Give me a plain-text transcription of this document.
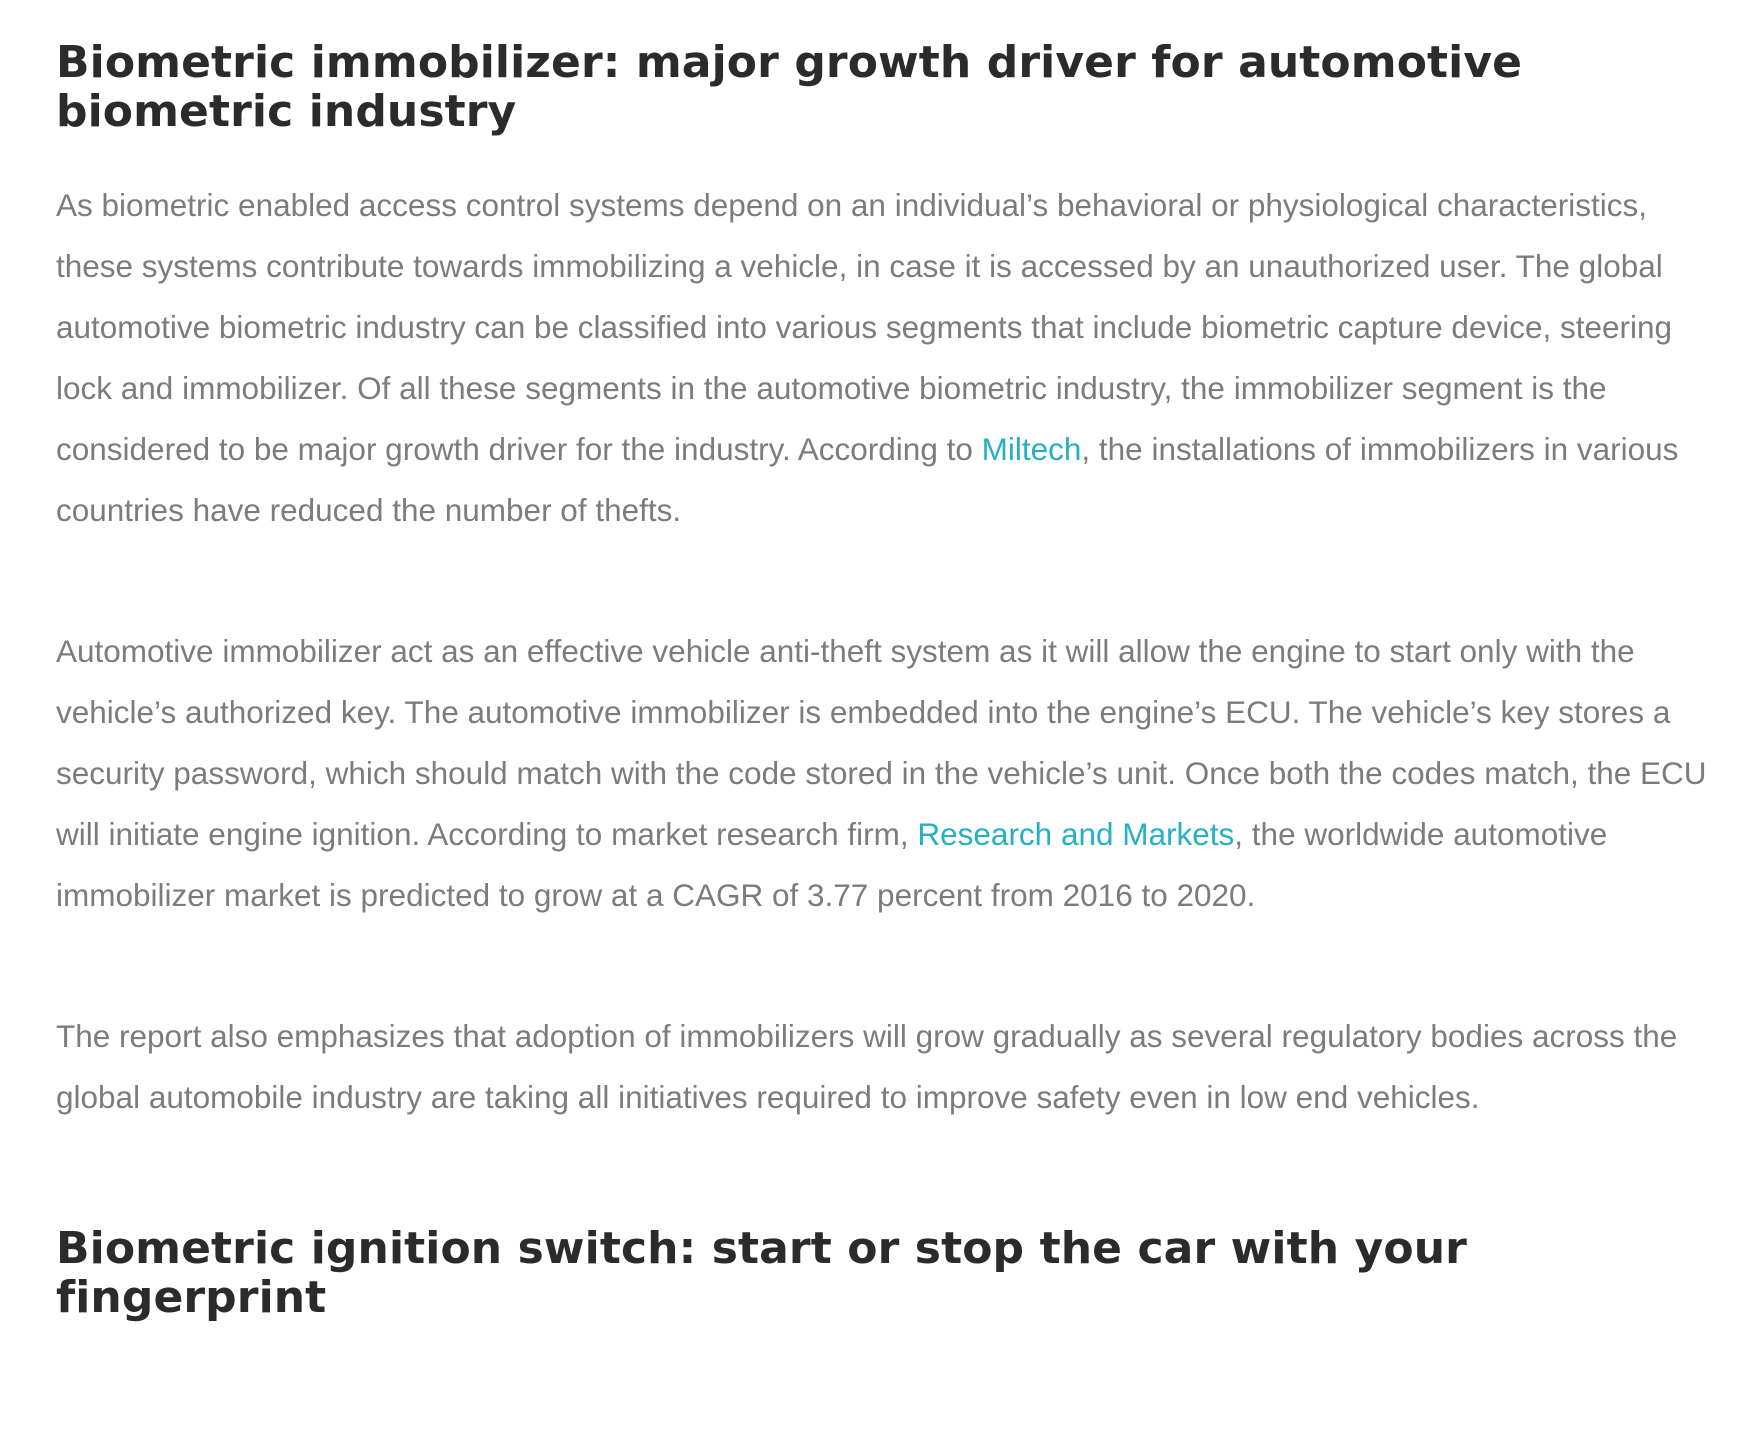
Biometric immobilizer: major growth driver for automotive biometric industry

As biometric enabled access control systems depend on an individual’s behavioral or physiological characteristics, these systems contribute towards immobilizing a vehicle, in case it is accessed by an unauthorized user. The global automotive biometric industry can be classified into various segments that include biometric capture device, steering lock and immobilizer. Of all these segments in the automotive biometric industry, the immobilizer segment is the considered to be major growth driver for the industry. According to Miltech, the installations of immobilizers in various countries have reduced the number of thefts.

Automotive immobilizer act as an effective vehicle anti-theft system as it will allow the engine to start only with the vehicle’s authorized key. The automotive immobilizer is embedded into the engine’s ECU. The vehicle’s key stores a security password, which should match with the code stored in the vehicle’s unit. Once both the codes match, the ECU will initiate engine ignition. According to market research firm, Research and Markets, the worldwide automotive immobilizer market is predicted to grow at a CAGR of 3.77 percent from 2016 to 2020.

The report also emphasizes that adoption of immobilizers will grow gradually as several regulatory bodies across the global automobile industry are taking all initiatives required to improve safety even in low end vehicles.

Biometric ignition switch: start or stop the car with your fingerprint
